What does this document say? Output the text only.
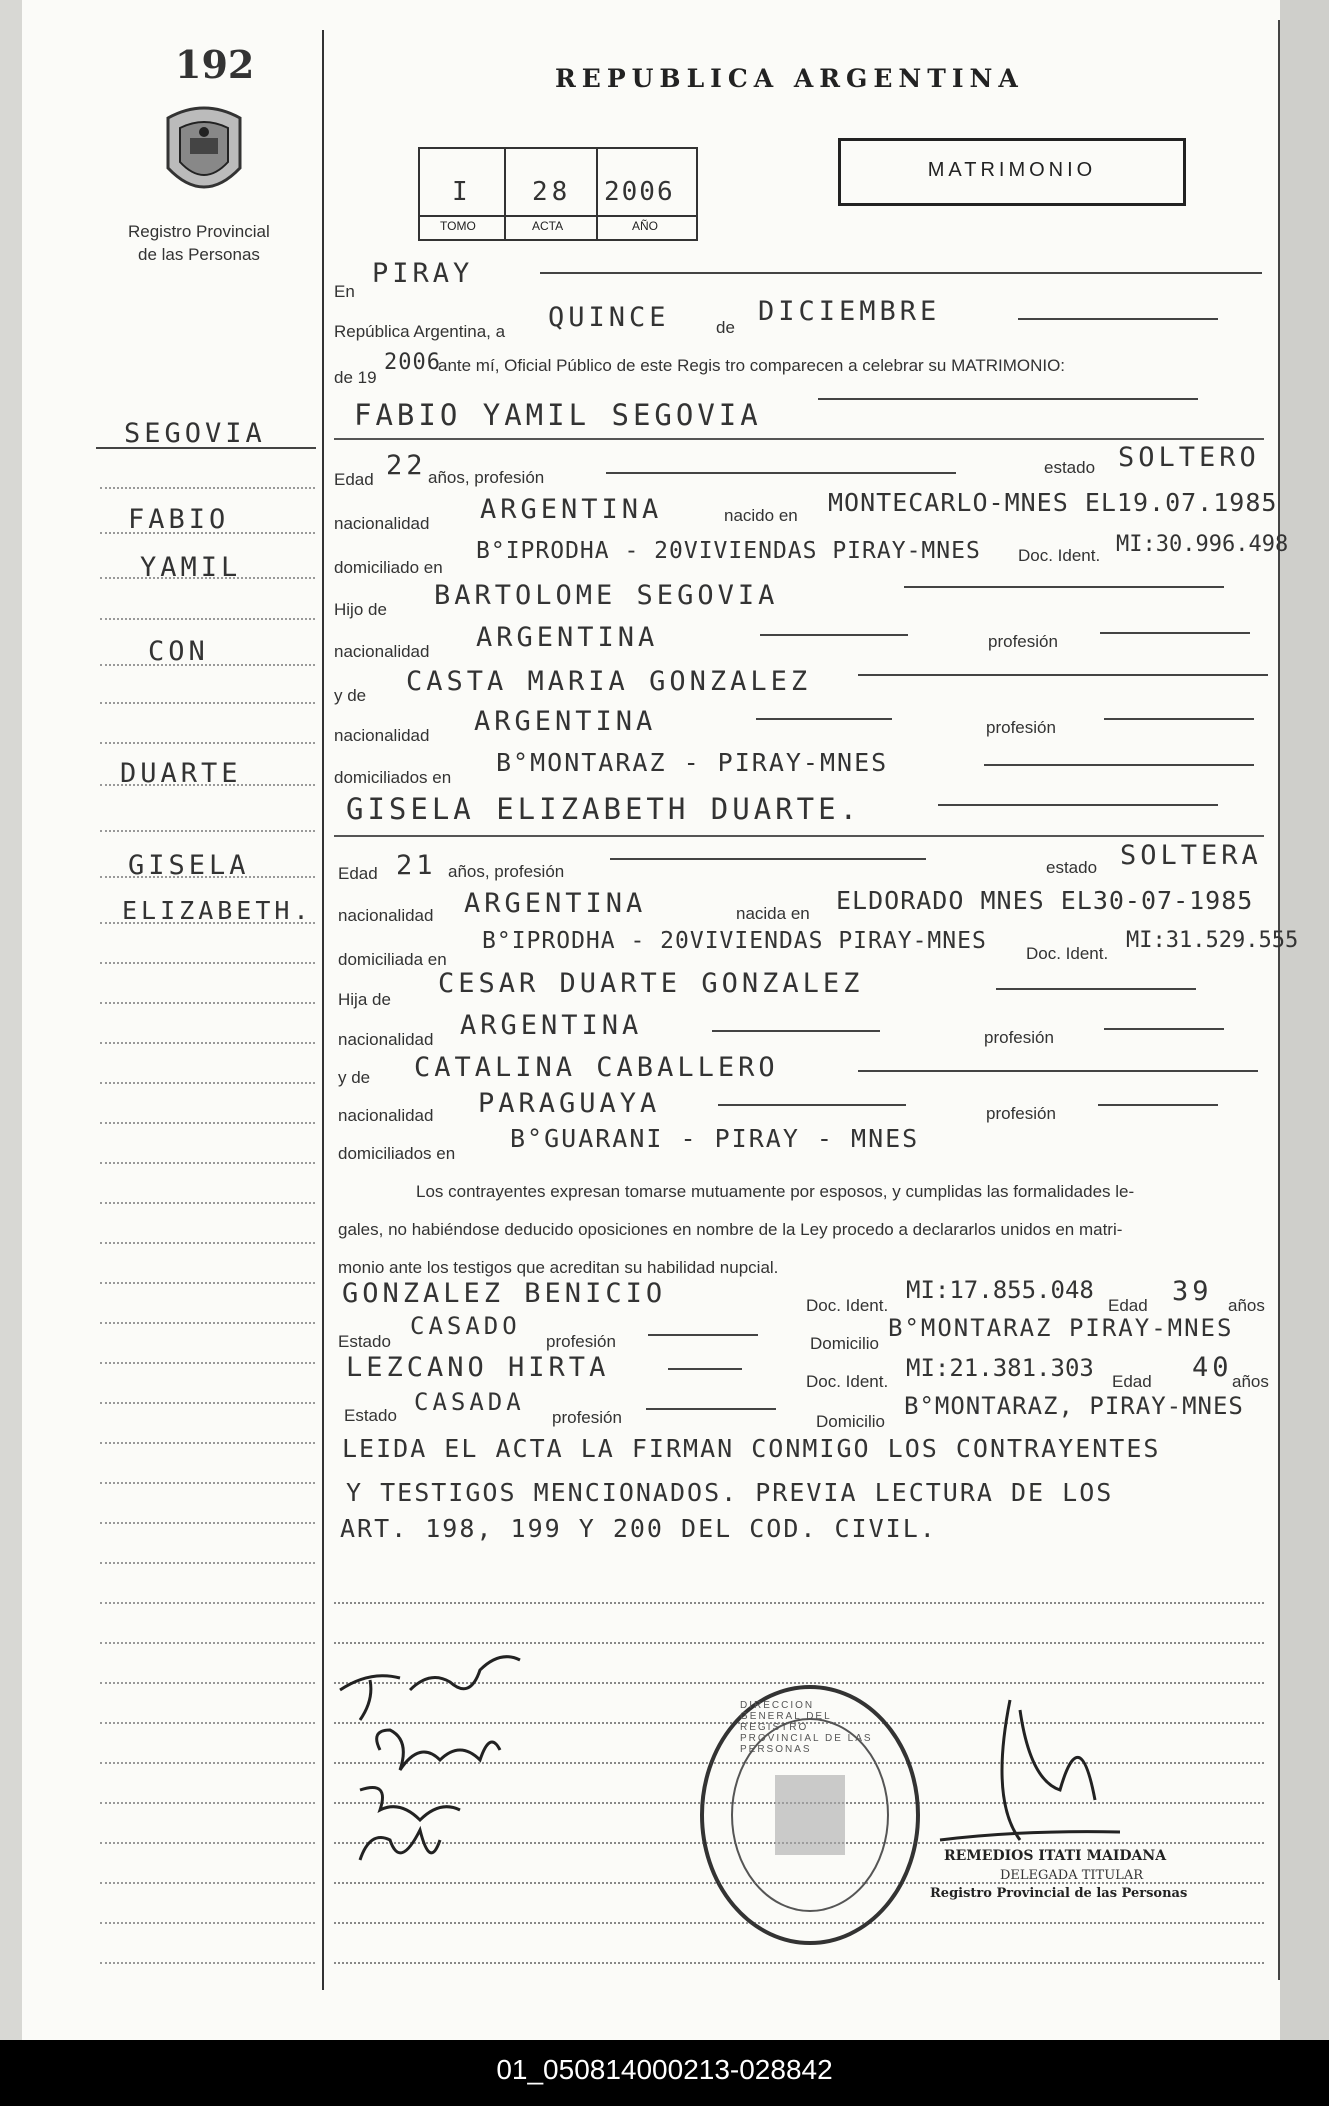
192
Registro Provincial
de las Personas
REPUBLICA ARGENTINA
I 28 2006
TOMO	ACTA	AÑO
MATRIMONIO
En
PIRAY
República Argentina, a QUINCE	de
DICIEMBRE
de 19
2006
ante mí, Oficial Público de este Regis tro comparecen a celebrar su MATRIMONIO:
SEGOVIA
FABIO
YAMIL
CON
DUARTE
GISELA
ELIZABETH.
FABIO YAMIL SEGOVIA
Edad 22 años, profesión
estado SOLTERO
nacionalidad ARGENTINA	nacido en MONTECARLO-MNES EL19.07.1985
domiciliado en
B°IPRODHA - 20VIVIENDAS PIRAY-MNES Doc. Ident. MI:30.996.498
Hijo de BARTOLOME SEGOVIA
nacionalidad ARGENTINA	profesión
y de CASTA MARIA GONZALEZ
nacionalidad ARGENTINA	profesión
domiciliados en
B°MONTARAZ - PIRAY-MNES
GISELA ELIZABETH DUARTE.
Edad 21 años, profesión	estado SOLTERA
nacionalidad ARGENTINA	nacida en ELDORADO MNES EL30-07-1985
domiciliada en
B°IPRODHA - 20VIVIENDAS PIRAY-MNES Doc. Ident.
MI:31.529.555
Hija de
CESAR DUARTE GONZALEZ
nacionalidad ARGENTINA	profesión
y de CATALINA CABALLERO
nacionalidad PARAGUAYA	profesión
domiciliados en
B°GUARANI - PIRAY - MNES
Los contrayentes expresan tomarse mutuamente por esposos, y cumplidas las formalidades le-
gales, no habiéndose deducido oposiciones en nombre de la Ley procedo a declararlos unidos en matri-
monio ante los testigos que acreditan su habilidad nupcial.
GONZALEZ BENICIO	Doc. Ident.
MI:17.855.048
Edad 39 años
Estado
CASADO
profesión	Domicilio
B°MONTARAZ PIRAY-MNES
LEZCANO HIRTA	Doc. Ident. MI:21.381.303 Edad 40 años
Estado CASADA
profesión	Domicilio
B°MONTARAZ, PIRAY-MNES
LEIDA EL ACTA LA FIRMAN CONMIGO LOS CONTRAYENTES
Y TESTIGOS MENCIONADOS. PREVIA LECTURA DE LOS
ART. 198, 199 Y 200 DEL COD. CIVIL.
DIRECCION GENERAL DEL REGISTRO PROVINCIAL DE LAS PERSONAS
REMEDIOS ITATI MAIDANA
DELEGADA TITULAR
Registro Provincial de las Personas
01_050814000213-028842
